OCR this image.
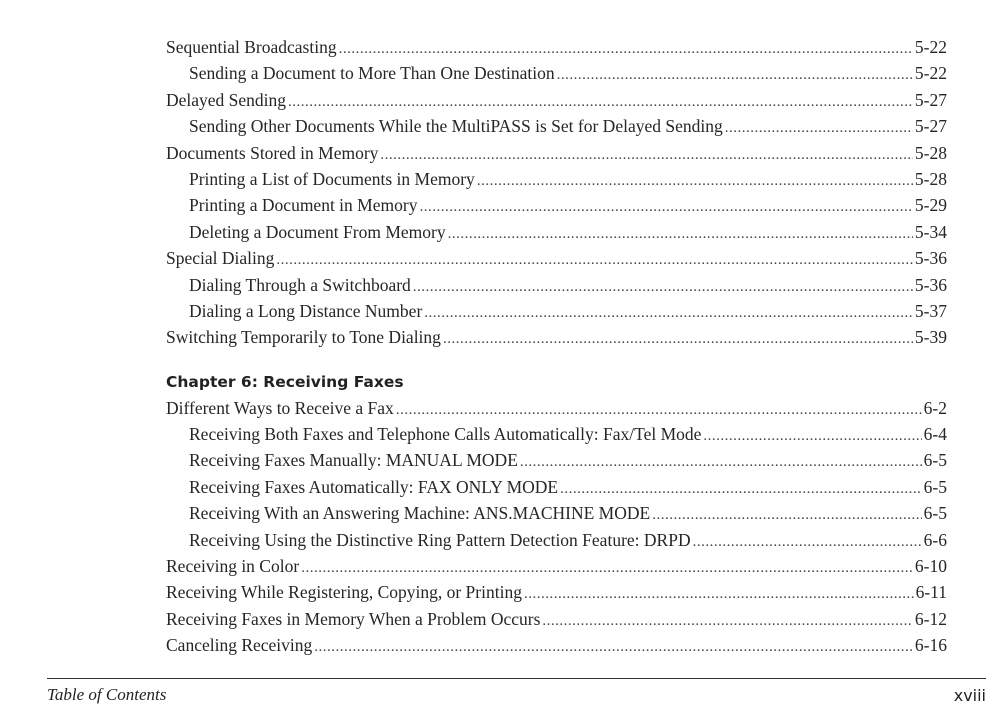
Sequential Broadcasting .....	5-22
Sending a Document to More Than One Destination .....	5-22
Delayed Sending .....	5-27
Sending Other Documents While the MultiPASS is Set for Delayed Sending .....	5-27
Documents Stored in Memory .....	5-28
Printing a List of Documents in Memory .....	5-28
Printing a Document in Memory .....	5-29
Deleting a Document From Memory .....	5-34
Special Dialing .....	5-36
Dialing Through a Switchboard .....	5-36
Dialing a Long Distance Number .....	5-37
Switching Temporarily to Tone Dialing .....	5-39
Chapter 6: Receiving Faxes
Different Ways to Receive a Fax .....	6-2
Receiving Both Faxes and Telephone Calls Automatically: Fax/Tel Mode .....	6-4
Receiving Faxes Manually: MANUAL MODE .....	6-5
Receiving Faxes Automatically: FAX ONLY MODE .....	6-5
Receiving With an Answering Machine: ANS.MACHINE MODE .....	6-5
Receiving Using the Distinctive Ring Pattern Detection Feature: DRPD .....	6-6
Receiving in Color .....	6-10
Receiving While Registering, Copying, or Printing .....	6-11
Receiving Faxes in Memory When a Problem Occurs .....	6-12
Canceling Receiving .....	6-16
Table of Contents	xviii
